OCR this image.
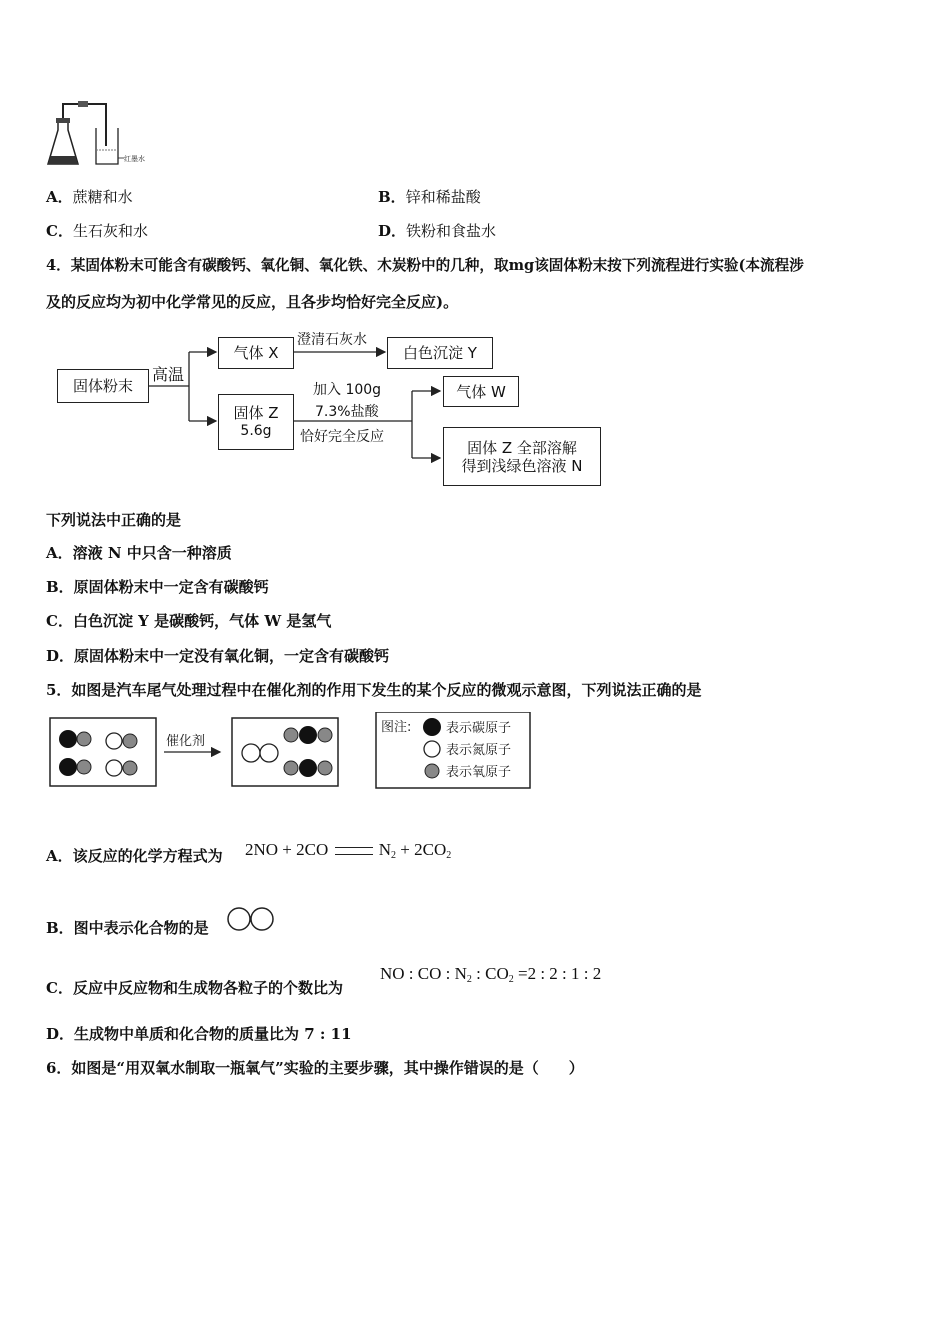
红墨水
A．蔗糖和水	B．锌和稀盐酸
C．生石灰和水	D．铁粉和食盐水
4．某固体粉末可能含有碳酸钙、氧化铜、氧化铁、木炭粉中的几种，取mg该固体粉末按下列流程进行实验(本流程涉
及的反应均为初中化学常见的反应，且各步均恰好完全反应)。
固体粉末
高温
气体 X
澄清石灰水
白色沉淀 Y
固体 Z
5.6g
加入 100g
7.3%盐酸
恰好完全反应
气体 W
固体 Z 全部溶解
得到浅绿色溶液 N
下列说法中正确的是
A．溶液 N 中只含一种溶质
B．原固体粉末中一定含有碳酸钙
C．白色沉淀 Y 是碳酸钙，气体 W 是氢气
D．原固体粉末中一定没有氧化铜，一定含有碳酸钙
5．如图是汽车尾气处理过程中在催化剂的作用下发生的某个反应的微观示意图，下列说法正确的是
催化剂
图注:	表示碳原子
表示氮原子
表示氧原子
A．该反应的化学方程式为 2NO + 2CO	$N_2 + 2CO_2$
B．图中表示化合物的是
C．反应中反应物和生成物各粒子的个数比为
NO : CO : $N_2$ : $CO_2 =2$ : 2 : 1 : 2
D．生成物中单质和化合物的质量比为 7 : 11
6．如图是“用双氧水制取一瓶氧气”实验的主要步骤，其中操作错误的是（　　）
